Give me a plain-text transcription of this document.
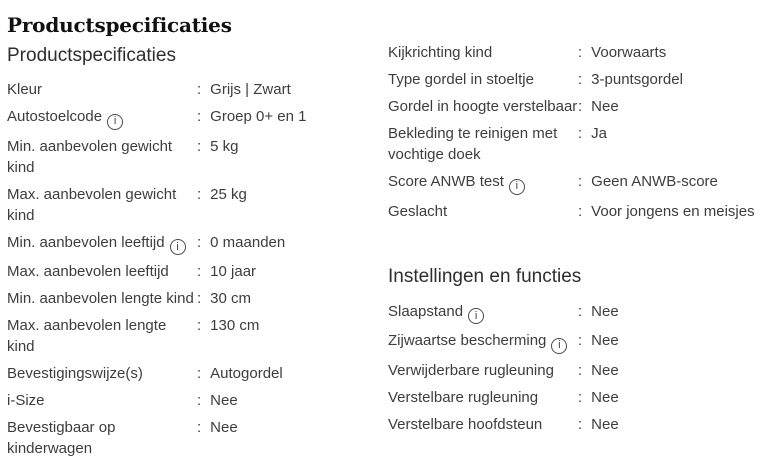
Productspecificaties
Productspecificaties
Kleur	: Grijs | Zwart
Autostoelcode i	: Groep 0+ en 1
Min. aanbevolen gewicht kind
: 5 kg
Max. aanbevolen gewicht kind
: 25 kg
Min. aanbevolen leeftijd i	: 0 maanden
Max. aanbevolen leeftijd	: 10 jaar
Min. aanbevolen lengte kind : 30 cm
Max. aanbevolen lengte kind
: 130 cm
Bevestigingswijze(s)	: Autogordel
i-Size	: Nee
Bevestigbaar op kinderwagen
: Nee
Kijkrichting kind	: Voorwaarts
Type gordel in stoeltje	: 3-puntsgordel
Gordel in hoogte verstelbaar : Nee
Bekleding te reinigen met vochtige doek
: Ja
Score ANWB test i	: Geen ANWB-score
Geslacht	: Voor jongens en meisjes
Instellingen en functies
Slaapstand i	: Nee
Zijwaartse bescherming i	: Nee
Verwijderbare rugleuning	: Nee
Verstelbare rugleuning	: Nee
Verstelbare hoofdsteun	: Nee
